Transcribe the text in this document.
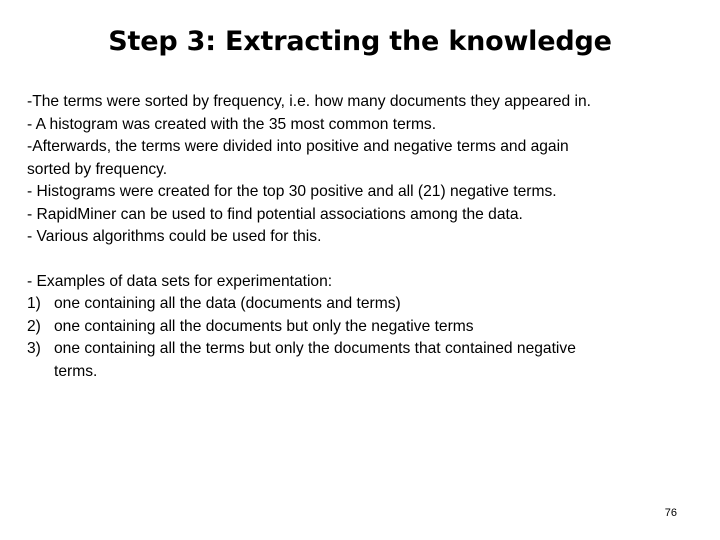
Step 3: Extracting the knowledge
-The terms were sorted by frequency, i.e. how many documents they appeared in.
- A histogram was created with the 35 most common terms.
-Afterwards, the terms were divided into positive and negative terms and again
sorted by frequency.
- Histograms were created for the top 30 positive and all (21) negative terms.
- RapidMiner can be used to find potential associations among the data.
- Various algorithms could be used for this.
- Examples of data sets for experimentation:
1) one containing all the data (documents and terms)
2) one containing all the documents but only the negative terms
3) one containing all the terms but only the documents that contained negative
terms.
76
